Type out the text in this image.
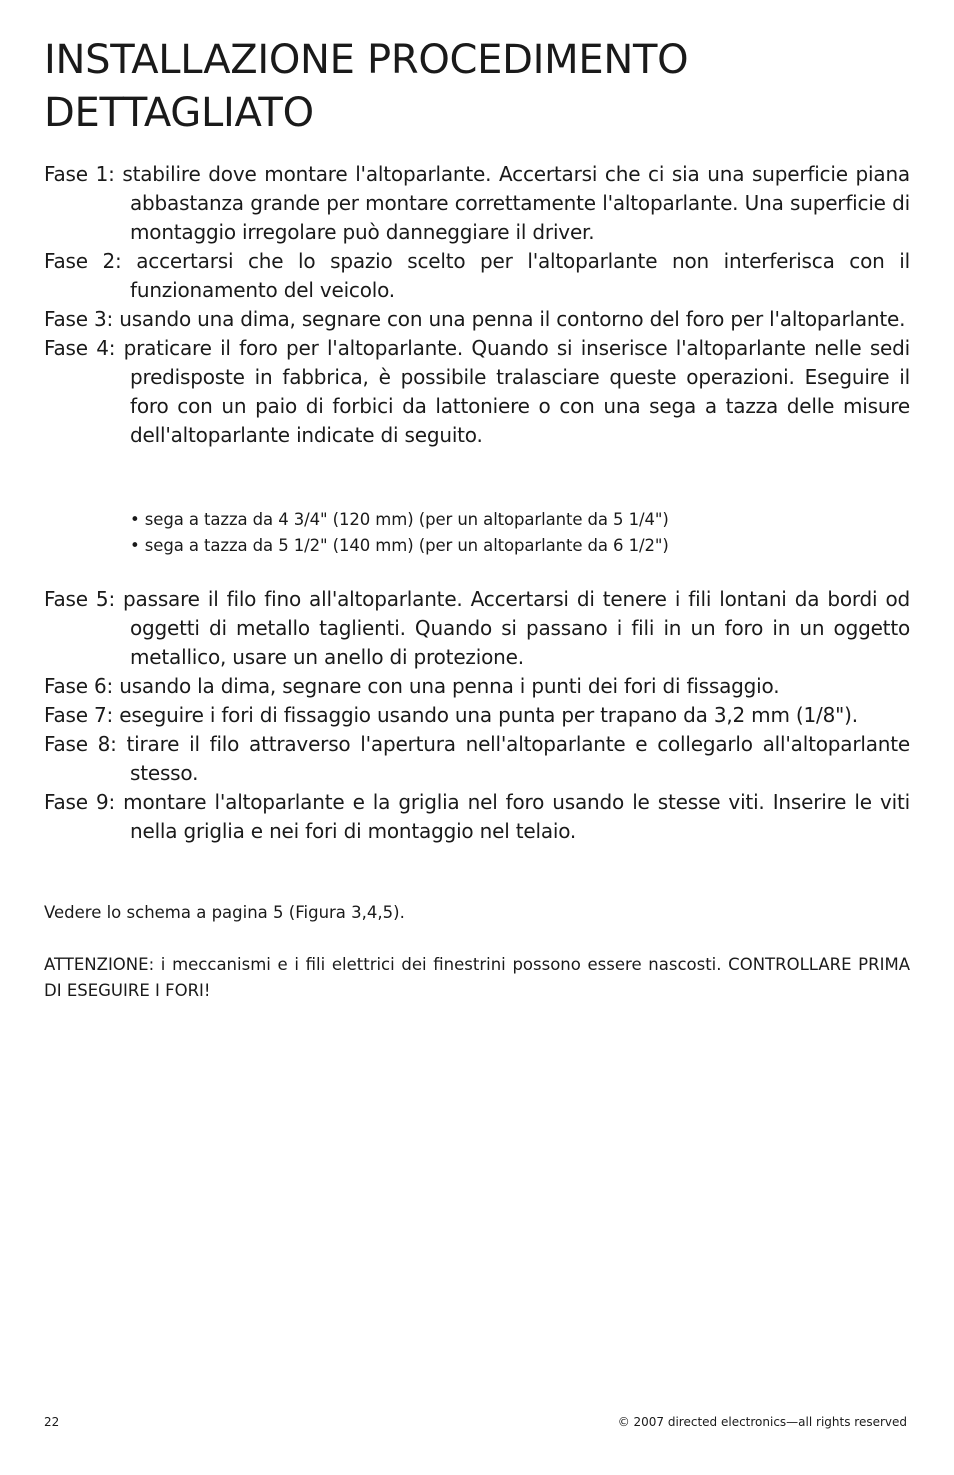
INSTALLAZIONE PROCEDIMENTO DETTAGLIATO
Fase 1: stabilire dove montare l'altoparlante. Accertarsi che ci sia una superficie piana abbastanza grande per montare correttamente l'altoparlante. Una superficie di montaggio irregolare può danneggiare il driver.
Fase 2: accertarsi che lo spazio scelto per l'altoparlante non interferisca con il funzionamento del veicolo.
Fase 3: usando una dima, segnare con una penna il contorno del foro per l'altoparlante.
Fase 4: praticare il foro per l'altoparlante. Quando si inserisce l'altoparlante nelle sedi predisposte in fabbrica, è possibile tralasciare queste operazioni. Eseguire il foro con un paio di forbici da lattoniere o con una sega a tazza delle misure dell'altoparlante indicate di seguito.
• sega a tazza da 4 3/4" (120 mm) (per un altoparlante da 5 1/4")
• sega a tazza da 5 1/2" (140 mm) (per un altoparlante da 6 1/2")
Fase 5: passare il filo fino all'altoparlante. Accertarsi di tenere i fili lontani da bordi od oggetti di metallo taglienti. Quando si passano i fili in un foro in un oggetto metallico, usare un anello di protezione.
Fase 6: usando la dima, segnare con una penna i punti dei fori di fissaggio.
Fase 7: eseguire i fori di fissaggio usando una punta per trapano da 3,2 mm (1/8").
Fase 8: tirare il filo attraverso l'apertura nell'altoparlante e collegarlo all'altoparlante stesso.
Fase 9: montare l'altoparlante e la griglia nel foro usando le stesse viti. Inserire le viti nella griglia e nei fori di montaggio nel telaio.
Vedere lo schema a pagina 5 (Figura 3,4,5).
ATTENZIONE: i meccanismi e i fili elettrici dei finestrini possono essere nascosti. CONTROLLARE PRIMA DI ESEGUIRE I FORI!
22	© 2007 directed electronics—all rights reserved
